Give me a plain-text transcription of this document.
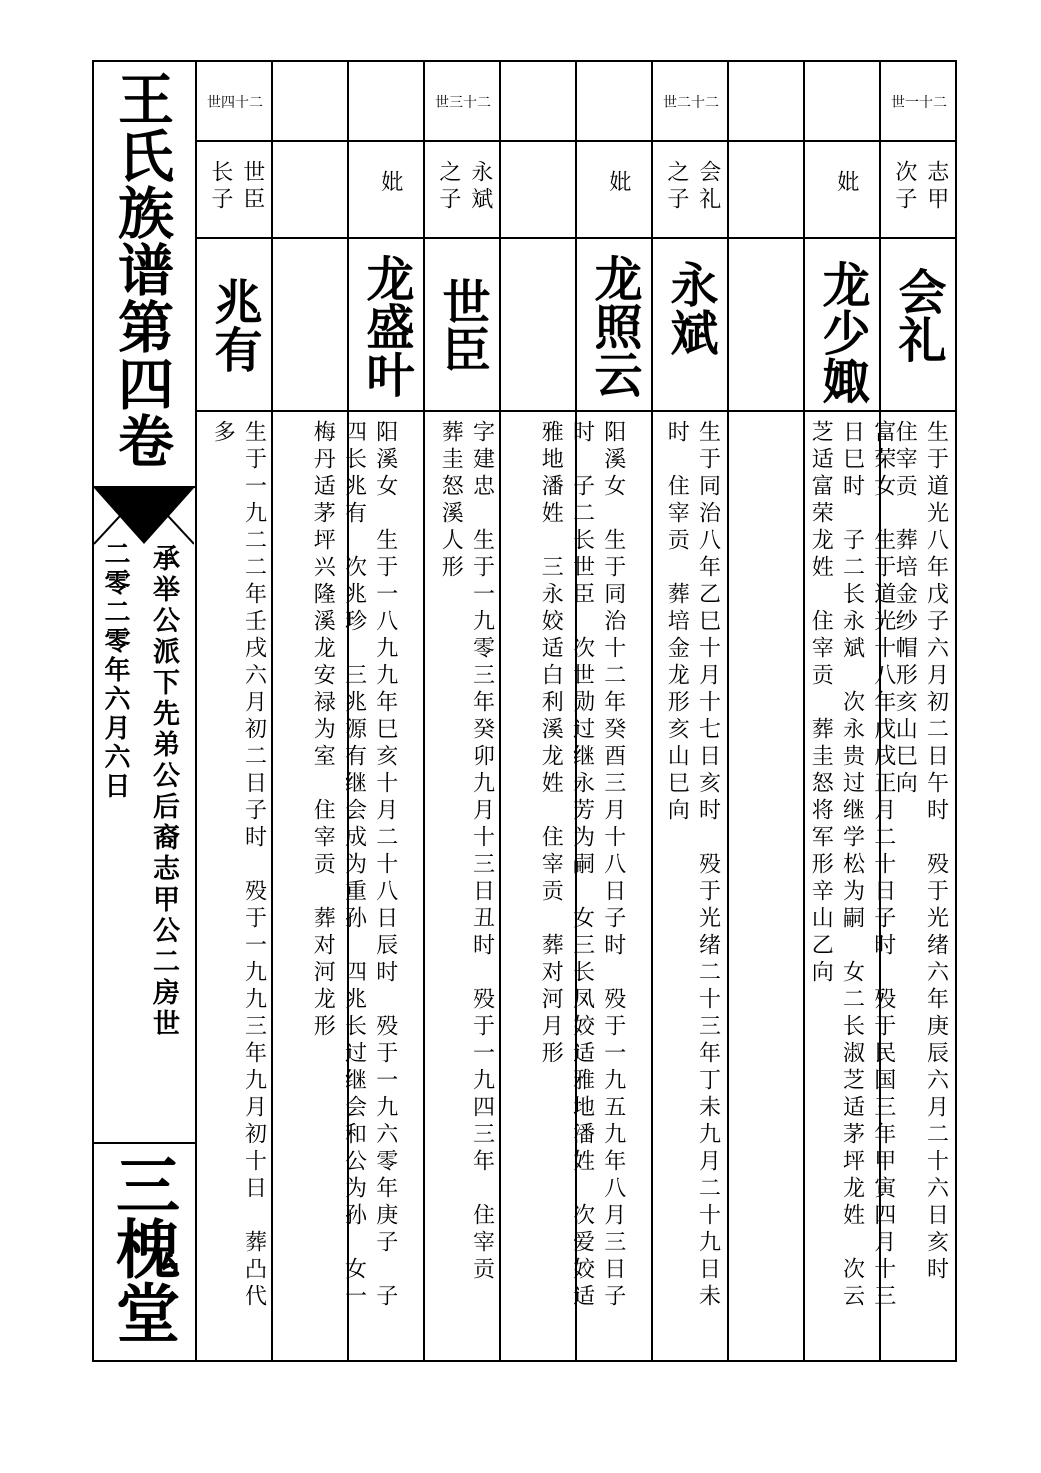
王氏族谱第四卷
承举公派下先弟公后裔志甲公二房世
二零二零年六月六日
三槐堂
世一十二
志甲
次子
会礼
生于道光八年戊子六月初二日午时　殁于光绪六年庚辰六月二十六日亥时
住宰贡　葬培金纱帽形亥山巳向
妣
龙少娵
富荣女　生于道光十八年戊戌正月二十日子时　殁于民国三年甲寅四月十三
日巳时　子二长永斌　次永贵过继学松为嗣　女二长淑芝适茅坪龙姓　次云
芝适富荣龙姓　住宰贡　葬圭怒将军形辛山乙向
世二十二
会礼
之子
永斌
生于同治八年乙巳十月十七日亥时　殁于光绪二十三年丁未九月二十九日未
时　住宰贡　葬培金龙形亥山巳向
妣
龙照云
阳溪女　生于同治十二年癸酉三月十八日子时　殁于一九五九年八月三日子
时　子二长世臣　次世勋过继永芳为嗣　女三长凤姣适雅地潘姓　次爱姣适
雅地潘姓　三永姣适白利溪龙姓　住宰贡　葬对河月形
世三十二
永斌
之子
世臣
字建忠　生于一九零三年癸卯九月十三日丑时　殁于一九四三年　住宰贡
葬圭怒溪人形
妣
龙盛叶
阳溪女　生于一八九九年巳亥十月二十八日辰时　殁于一九六零年庚子　子
四长兆有　次兆珍　三兆源有继会成为重孙　四兆长过继会和公为孙　女一
梅丹适茅坪兴隆溪龙安禄为室　住宰贡　葬对河龙形
世四十二
世臣
长子
兆有
生于一九二二年壬戌六月初二日子时　殁于一九九三年九月初十日　葬凸代
多
